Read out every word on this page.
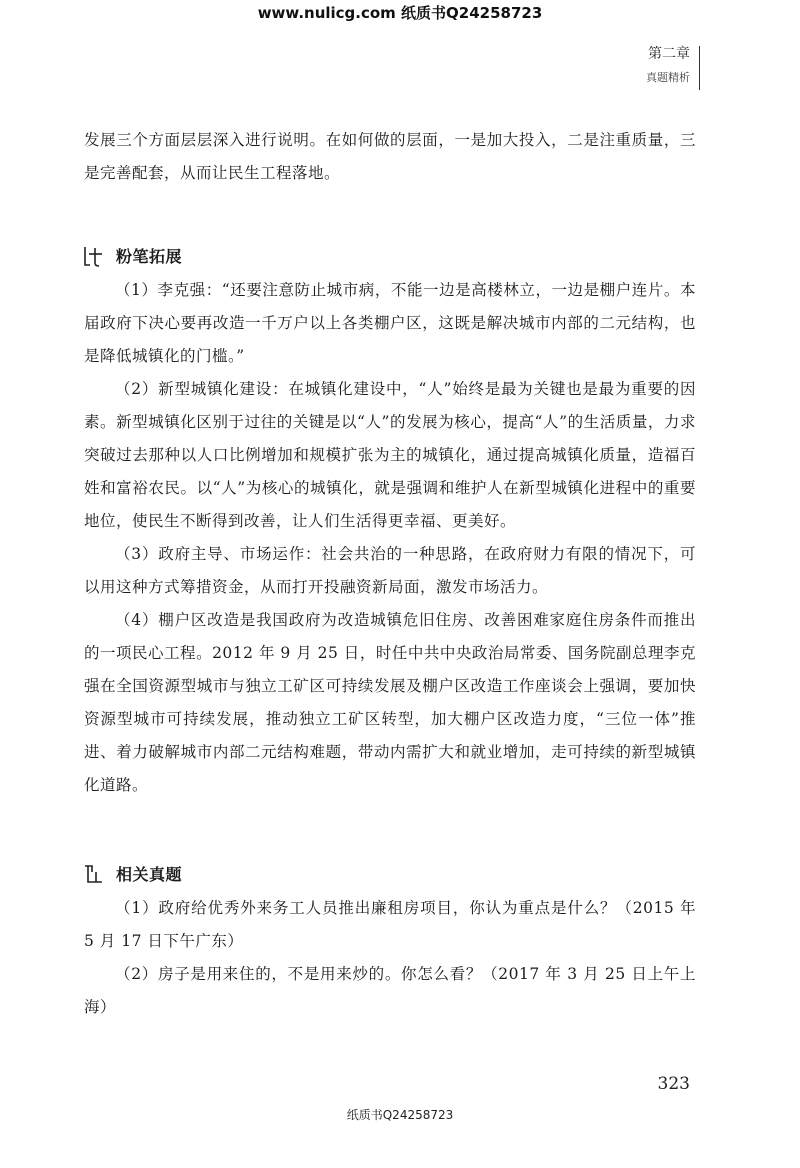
www.nulicg.com 纸质书Q24258723
第二章
真题精析

发展三个方面层层深入进行说明。在如何做的层面，一是加大投入，二是注重质量，三是完善配套，从而让民生工程落地。

粉笔拓展

（1）李克强：“还要注意防止城市病，不能一边是高楼林立，一边是棚户连片。本届政府下决心要再改造一千万户以上各类棚户区，这既是解决城市内部的二元结构，也是降低城镇化的门槛。”

（2）新型城镇化建设：在城镇化建设中，“人”始终是最为关键也是最为重要的因素。新型城镇化区别于过往的关键是以“人”的发展为核心，提高“人”的生活质量，力求突破过去那种以人口比例增加和规模扩张为主的城镇化，通过提高城镇化质量，造福百姓和富裕农民。以“人”为核心的城镇化，就是强调和维护人在新型城镇化进程中的重要地位，使民生不断得到改善，让人们生活得更幸福、更美好。

（3）政府主导、市场运作：社会共治的一种思路，在政府财力有限的情况下，可以用这种方式筹措资金，从而打开投融资新局面，激发市场活力。

（4）棚户区改造是我国政府为改造城镇危旧住房、改善困难家庭住房条件而推出的一项民心工程。2012 年 9 月 25 日，时任中共中央政治局常委、国务院副总理李克强在全国资源型城市与独立工矿区可持续发展及棚户区改造工作座谈会上强调，要加快资源型城市可持续发展，推动独立工矿区转型，加大棚户区改造力度，“三位一体”推进、着力破解城市内部二元结构难题，带动内需扩大和就业增加，走可持续的新型城镇化道路。

相关真题

（1）政府给优秀外来务工人员推出廉租房项目，你认为重点是什么？（2015 年 5 月 17 日下午广东）

（2）房子是用来住的，不是用来炒的。你怎么看？（2017 年 3 月 25 日上午上海）

323
纸质书Q24258723
